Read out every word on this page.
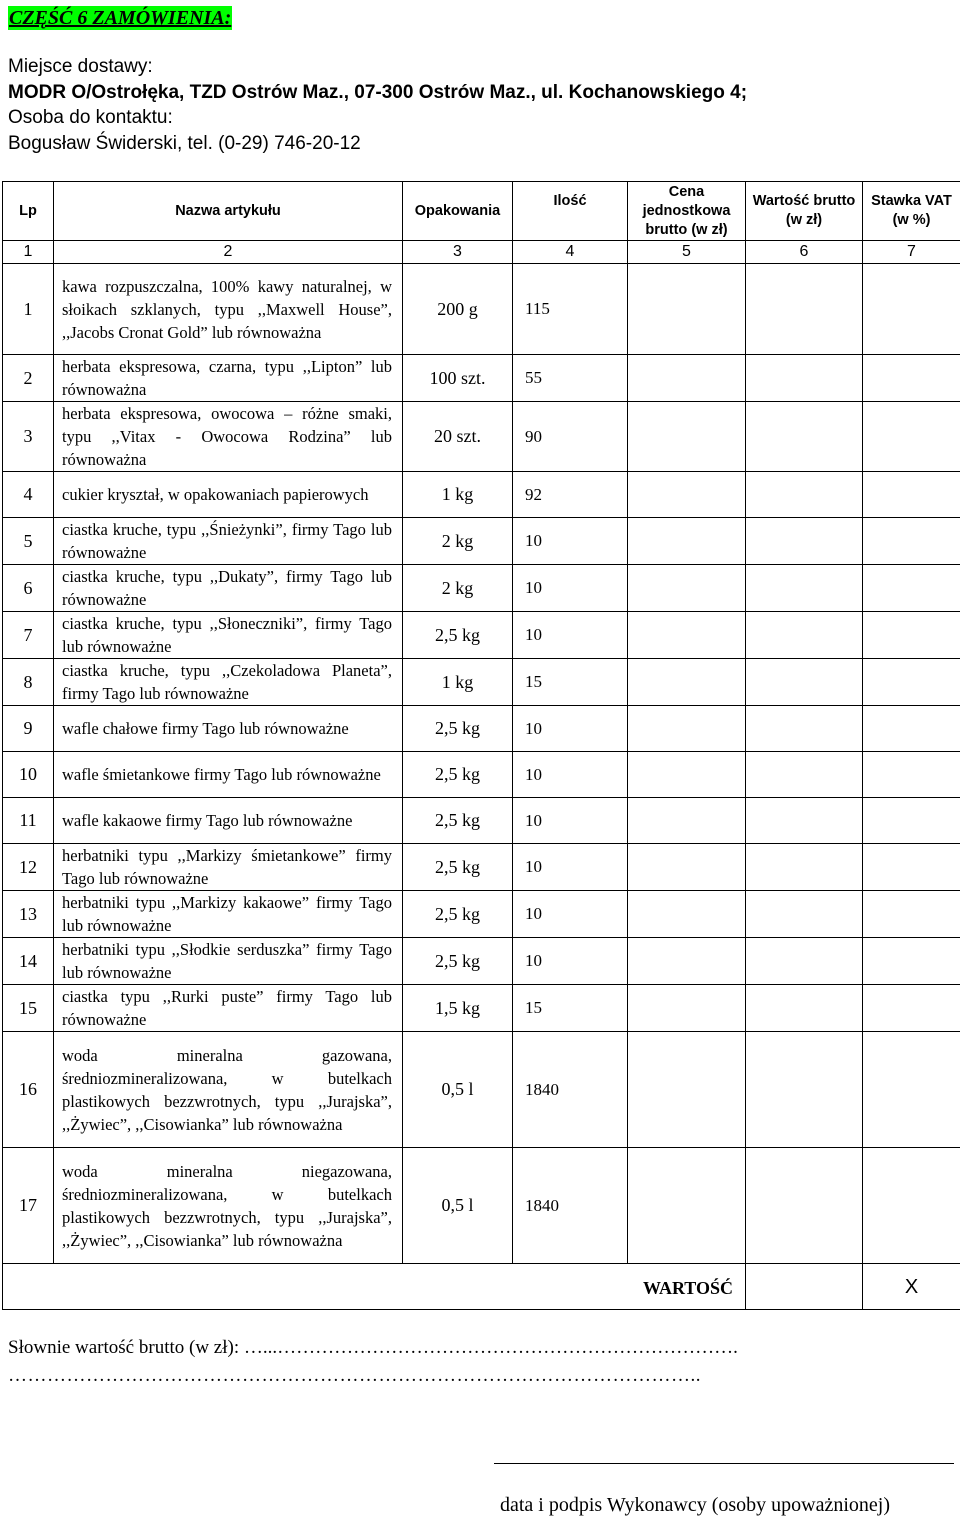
CZĘŚĆ 6 ZAMÓWIENIA:
Miejsce dostawy:
MODR O/Ostrołęka, TZD Ostrów Maz., 07-300 Ostrów Maz., ul. Kochanowskiego 4;
Osoba do kontaktu:
Bogusław Świderski, tel. (0-29) 746-20-12
Lp	Nazwa artykułu	Opakowania	Ilość	Cena jednostkowa brutto (w zł)	Wartość brutto (w zł)	Stawka VAT (w %)
1	2	3	4	5	6	7
1	kawa rozpuszczalna, 100% kawy naturalnej, w słoikach szklanych, typu ,,Maxwell House”, ,,Jacobs Cronat Gold” lub równoważna	200 g	115			
2	herbata ekspresowa, czarna, typu ,,Lipton” lub równoważna	100 szt.	55			
3	herbata ekspresowa, owocowa – różne smaki, typu ,,Vitax - Owocowa Rodzina” lub równoważna	20 szt.	90			
4	cukier kryształ, w opakowaniach papierowych	1 kg	92			
5	ciastka kruche, typu ,,Śnieżynki”, firmy Tago lub równoważne	2 kg	10			
6	ciastka kruche, typu ,,Dukaty”, firmy Tago lub równoważne	2 kg	10			
7	ciastka kruche, typu ,,Słoneczniki”, firmy Tago lub równoważne	2,5 kg	10			
8	ciastka kruche, typu ,,Czekoladowa Planeta”, firmy Tago lub równoważne	1 kg	15			
9	wafle chałowe firmy Tago lub równoważne	2,5 kg	10			
10	wafle śmietankowe firmy Tago lub równoważne	2,5 kg	10			
11	wafle kakaowe firmy Tago lub równoważne	2,5 kg	10			
12	herbatniki typu ,,Markizy śmietankowe” firmy Tago lub równoważne	2,5 kg	10			
13	herbatniki typu ,,Markizy kakaowe” firmy Tago lub równoważne	2,5 kg	10			
14	herbatniki typu ,,Słodkie serduszka” firmy Tago lub równoważne	2,5 kg	10			
15	ciastka typu ,,Rurki puste” firmy Tago lub równoważne	1,5 kg	15			
16	woda mineralna gazowana, średniozmineralizowana, w butelkach plastikowych bezzwrotnych, typu ,,Jurajska”, ,,Żywiec”, ,,Cisowianka” lub równoważna	0,5 l	1840			
17	woda mineralna niegazowana, średniozmineralizowana, w butelkach plastikowych bezzwrotnych, typu ,,Jurajska”, ,,Żywiec”, ,,Cisowianka” lub równoważna	0,5 l	1840			
WARTOŚĆ						X
Słownie wartość brutto (w zł): …...……………………………………………………………….
……………………………………………………………………………………………..
data i podpis Wykonawcy (osoby upoważnionej)
